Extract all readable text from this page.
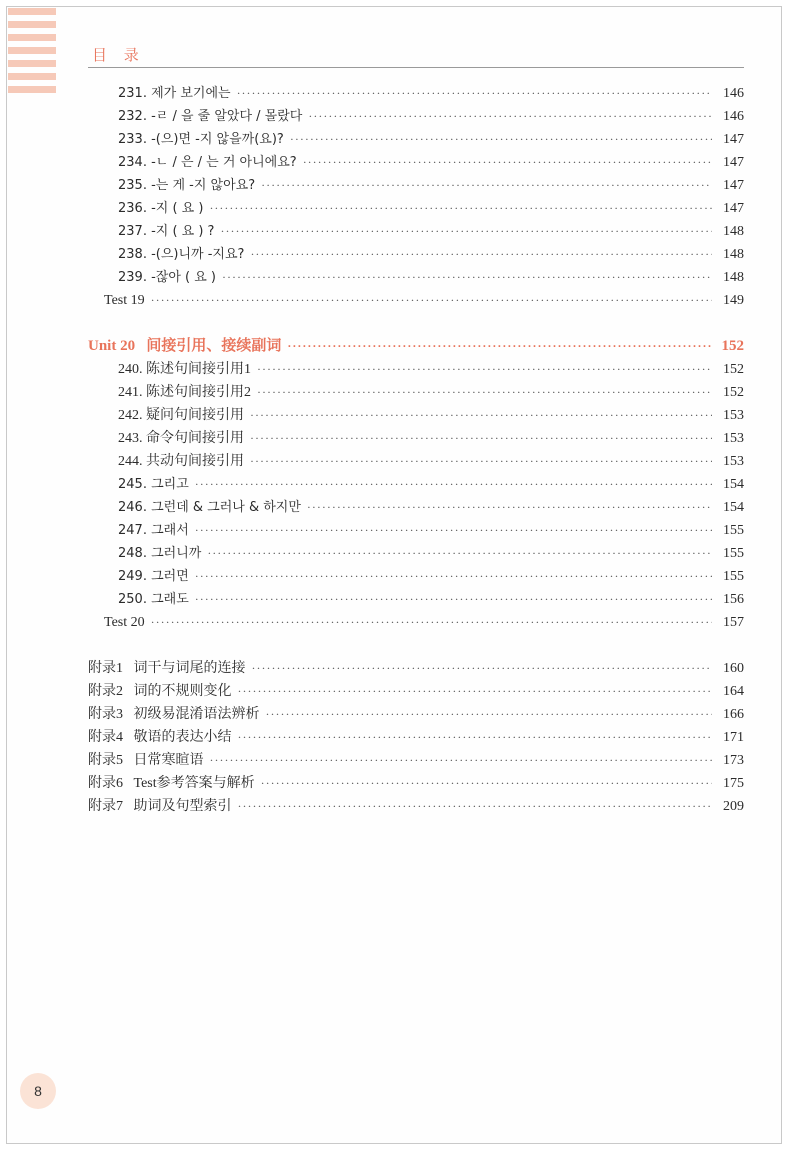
目 录
231. 제가 보기에는 ·····	146
232. -ㄹ / 을 줄 알았다 / 몰랐다 ·····	146
233. -(으)면 -지 않을까(요)? ·····	147
234. -ㄴ / 은 / 는 거 아니에요? ·····	147
235. -는 게 -지 않아요? ·····	147
236. -지 ( 요 ) ·····	147
237. -지 ( 요 ) ? ·····	148
238. -(으)니까 -지요? ·····	148
239. -잖아 ( 요 ) ·····	148
Test 19 ·····	149
Unit 20   间接引用、接续副词 ·····	152
240. 陈述句间接引用1 ·····	152
241. 陈述句间接引用2 ·····	152
242. 疑问句间接引用 ·····	153
243. 命令句间接引用 ·····	153
244. 共动句间接引用 ·····	153
245. 그리고 ·····	154
246. 그런데 & 그러나 & 하지만 ·····	154
247. 그래서 ·····	155
248. 그러니까 ·····	155
249. 그러면 ·····	155
250. 그래도 ·····	156
Test 20 ·····	157
附录1   词干与词尾的连接 ·····	160
附录2   词的不规则变化 ·····	164
附录3   初级易混淆语法辨析 ·····	166
附录4   敬语的表达小结 ·····	171
附录5   日常寒暄语 ·····	173
附录6   Test参考答案与解析 ·····	175
附录7   助词及句型索引 ·····	209
8
